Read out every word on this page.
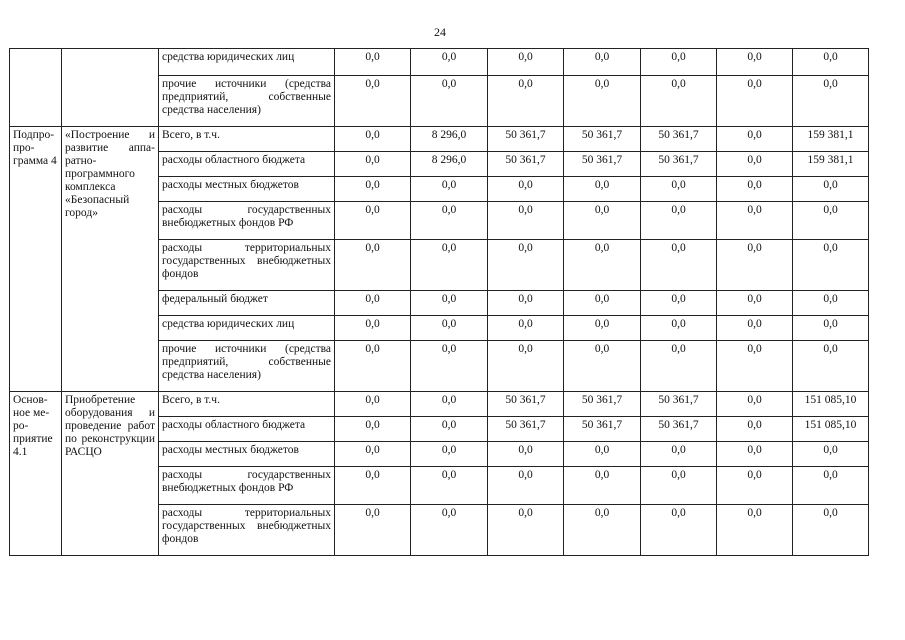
24
		средства юридических лиц	0,0	0,0	0,0	0,0	0,0	0,0	0,0
		прочие источники (средства предприятий, собственные средства населения)	0,0	0,0	0,0	0,0	0,0	0,0	0,0
Подпропрограмма 4	«Построение и развитие аппаратно-программного комплекса «Безопасный город»	Всего, в т.ч.	0,0	8 296,0	50 361,7	50 361,7	50 361,7	0,0	159 381,1
		расходы областного бюджета	0,0	8 296,0	50 361,7	50 361,7	50 361,7	0,0	159 381,1
		расходы местных бюджетов	0,0	0,0	0,0	0,0	0,0	0,0	0,0
		расходы государственных внебюджетных фондов РФ	0,0	0,0	0,0	0,0	0,0	0,0	0,0
		расходы территориальных государственных внебюджетных фондов	0,0	0,0	0,0	0,0	0,0	0,0	0,0
		федеральный бюджет	0,0	0,0	0,0	0,0	0,0	0,0	0,0
		средства юридических лиц	0,0	0,0	0,0	0,0	0,0	0,0	0,0
		прочие источники (средства предприятий, собственные средства населения)	0,0	0,0	0,0	0,0	0,0	0,0	0,0
Основное мероприятие 4.1	Приобретение оборудования и проведение работ по реконструкции РАСЦО	Всего, в т.ч.	0,0	0,0	50 361,7	50 361,7	50 361,7	0,0	151 085,10
		расходы областного бюджета	0,0	0,0	50 361,7	50 361,7	50 361,7	0,0	151 085,10
		расходы местных бюджетов	0,0	0,0	0,0	0,0	0,0	0,0	0,0
		расходы государственных внебюджетных фондов РФ	0,0	0,0	0,0	0,0	0,0	0,0	0,0
		расходы территориальных государственных внебюджетных фондов	0,0	0,0	0,0	0,0	0,0	0,0	0,0
